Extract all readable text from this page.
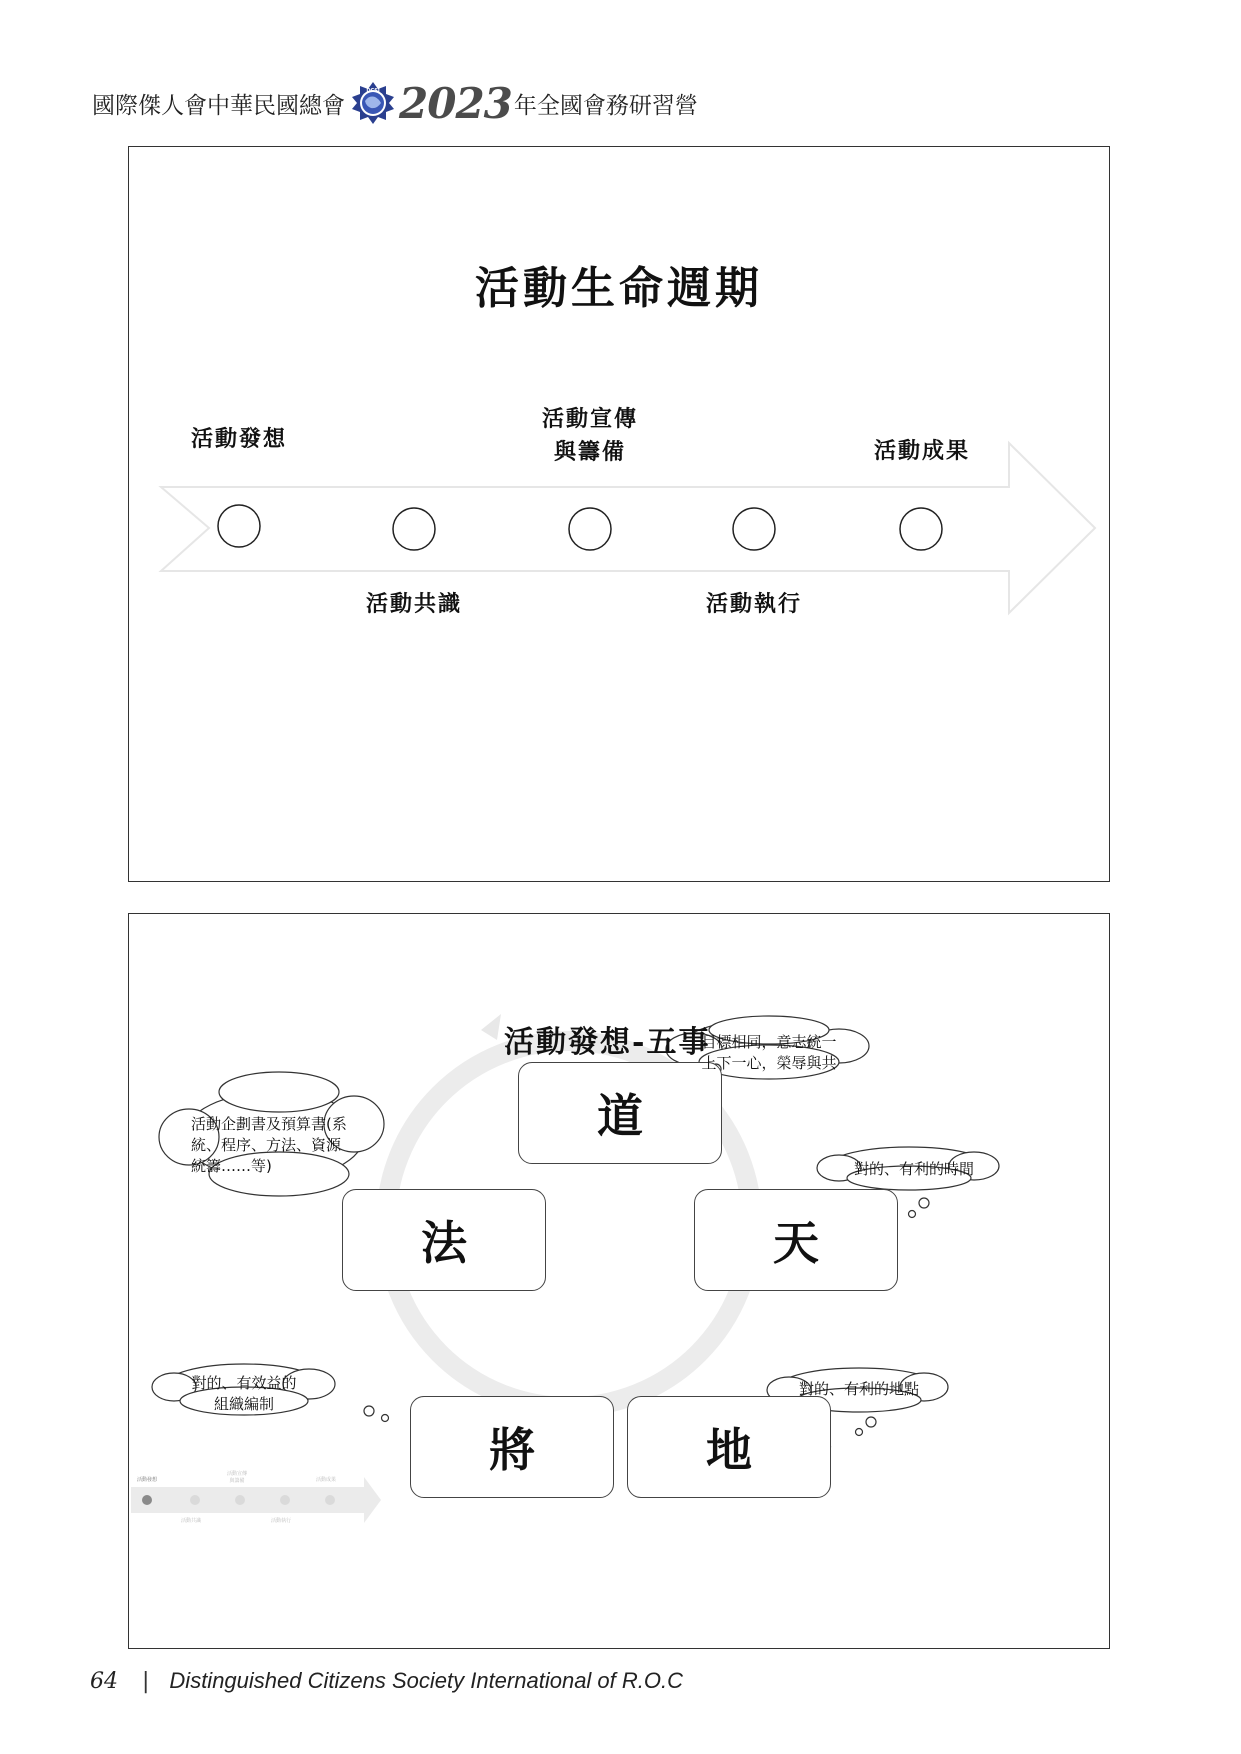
國際傑人會中華民國總會
DCSI 2023 年全國會務研習營
活動生命週期
活動發想
活動共識
活動宣傳
與籌備
活動執行
活動成果
活動發想
活動宣傳
與籌備	活動成果
活動共識	活動執行
活動發想-五事
道
天
地
將
法
目標相同，意志統一
上下一心，榮辱與共
對的、有利的時間
對的、有利的地點
對的、有效益的
組織編制
活動企劃書及預算書(系
統、程序、方法、資源
統籌……等)
64 | Distinguished Citizens Society International of R.O.C
